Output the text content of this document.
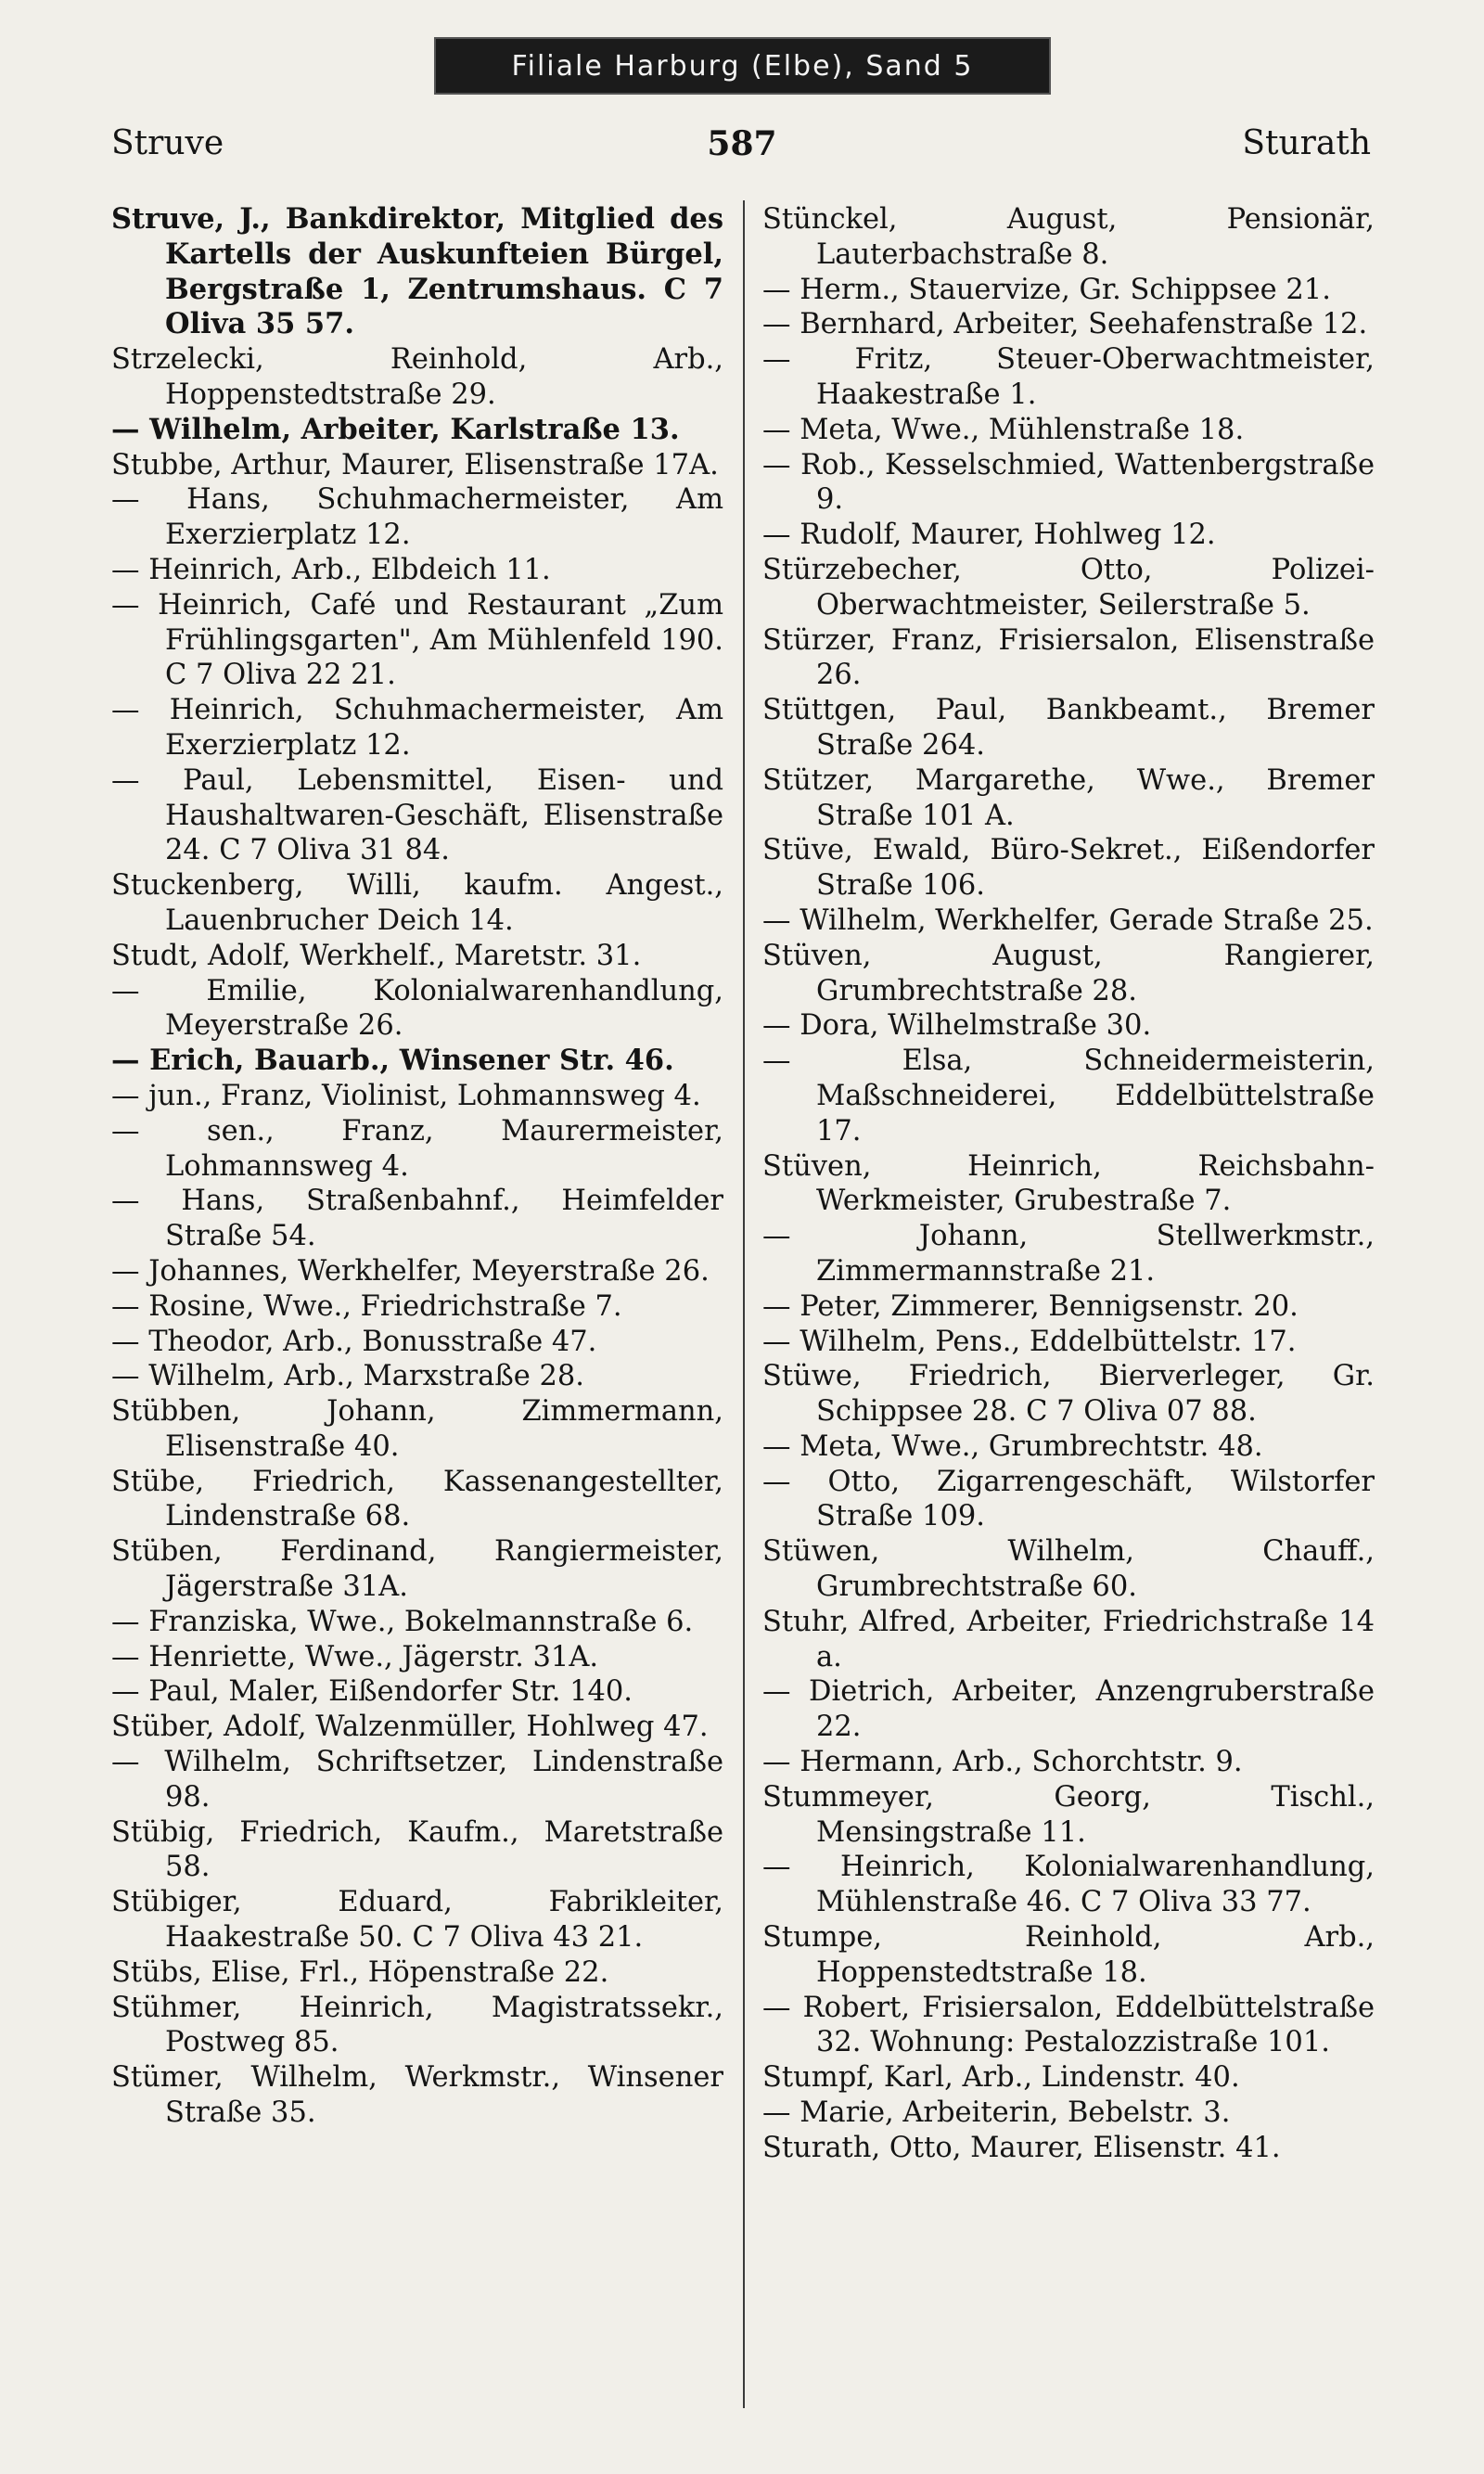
Filiale Harburg (Elbe), Sand 5
Struve	587	Sturath

Struve, J., Bankdirektor, Mitglied des Kartells der Auskunfteien Bürgel, Bergstraße 1, Zentrumshaus. C 7 Oliva 35 57.

Strzelecki, Reinhold, Arb., Hoppenstedtstraße 29.

— Wilhelm, Arbeiter, Karlstraße 13.

Stubbe, Arthur, Maurer, Elisenstraße 17A.

— Hans, Schuhmachermeister, Am Exerzierplatz 12.

— Heinrich, Arb., Elbdeich 11.

— Heinrich, Café und Restaurant „Zum Frühlingsgarten", Am Mühlenfeld 190. C 7 Oliva 22 21.

— Heinrich, Schuhmachermeister, Am Exerzierplatz 12.

— Paul, Lebensmittel, Eisen- und Haushaltwaren-Geschäft, Elisenstraße 24. C 7 Oliva 31 84.

Stuckenberg, Willi, kaufm. Angest., Lauenbrucher Deich 14.

Studt, Adolf, Werkhelf., Maretstr. 31.

— Emilie, Kolonialwarenhandlung, Meyerstraße 26.

— Erich, Bauarb., Winsener Str. 46.

— jun., Franz, Violinist, Lohmannsweg 4.

— sen., Franz, Maurermeister, Lohmannsweg 4.

— Hans, Straßenbahnf., Heimfelder Straße 54.

— Johannes, Werkhelfer, Meyerstraße 26.

— Rosine, Wwe., Friedrichstraße 7.

— Theodor, Arb., Bonusstraße 47.

— Wilhelm, Arb., Marxstraße 28.

Stübben, Johann, Zimmermann, Elisenstraße 40.

Stübe, Friedrich, Kassenangestellter, Lindenstraße 68.

Stüben, Ferdinand, Rangiermeister, Jägerstraße 31A.

— Franziska, Wwe., Bokelmannstraße 6.

— Henriette, Wwe., Jägerstr. 31A.

— Paul, Maler, Eißendorfer Str. 140.

Stüber, Adolf, Walzenmüller, Hohlweg 47.

— Wilhelm, Schriftsetzer, Lindenstraße 98.

Stübig, Friedrich, Kaufm., Maretstraße 58.

Stübiger, Eduard, Fabrikleiter, Haakestraße 50. C 7 Oliva 43 21.

Stübs, Elise, Frl., Höpenstraße 22.

Stühmer, Heinrich, Magistratssekr., Postweg 85.

Stümer, Wilhelm, Werkmstr., Winsener Straße 35.

Stünckel, August, Pensionär, Lauterbachstraße 8.

— Herm., Stauervize, Gr. Schippsee 21.

— Bernhard, Arbeiter, Seehafenstraße 12.

— Fritz, Steuer-Oberwachtmeister, Haakestraße 1.

— Meta, Wwe., Mühlenstraße 18.

— Rob., Kesselschmied, Wattenbergstraße 9.

— Rudolf, Maurer, Hohlweg 12.

Stürzebecher, Otto, Polizei-Oberwachtmeister, Seilerstraße 5.

Stürzer, Franz, Frisiersalon, Elisenstraße 26.

Stüttgen, Paul, Bankbeamt., Bremer Straße 264.

Stützer, Margarethe, Wwe., Bremer Straße 101 A.

Stüve, Ewald, Büro-Sekret., Eißendorfer Straße 106.

— Wilhelm, Werkhelfer, Gerade Straße 25.

Stüven, August, Rangierer, Grumbrechtstraße 28.

— Dora, Wilhelmstraße 30.

— Elsa, Schneidermeisterin, Maßschneiderei, Eddelbüttelstraße 17.

Stüven, Heinrich, Reichsbahn-Werkmeister, Grubestraße 7.

— Johann, Stellwerkmstr., Zimmermannstraße 21.

— Peter, Zimmerer, Bennigsenstr. 20.

— Wilhelm, Pens., Eddelbüttelstr. 17.

Stüwe, Friedrich, Bierverleger, Gr. Schippsee 28. C 7 Oliva 07 88.

— Meta, Wwe., Grumbrechtstr. 48.

— Otto, Zigarrengeschäft, Wilstorfer Straße 109.

Stüwen, Wilhelm, Chauff., Grumbrechtstraße 60.

Stuhr, Alfred, Arbeiter, Friedrichstraße 14 a.

— Dietrich, Arbeiter, Anzengruberstraße 22.

— Hermann, Arb., Schorchtstr. 9.

Stummeyer, Georg, Tischl., Mensingstraße 11.

— Heinrich, Kolonialwarenhandlung, Mühlenstraße 46. C 7 Oliva 33 77.

Stumpe, Reinhold, Arb., Hoppenstedtstraße 18.

— Robert, Frisiersalon, Eddelbüttelstraße 32. Wohnung: Pestalozzistraße 101.

Stumpf, Karl, Arb., Lindenstr. 40.

— Marie, Arbeiterin, Bebelstr. 3.

Sturath, Otto, Maurer, Elisenstr. 41.
